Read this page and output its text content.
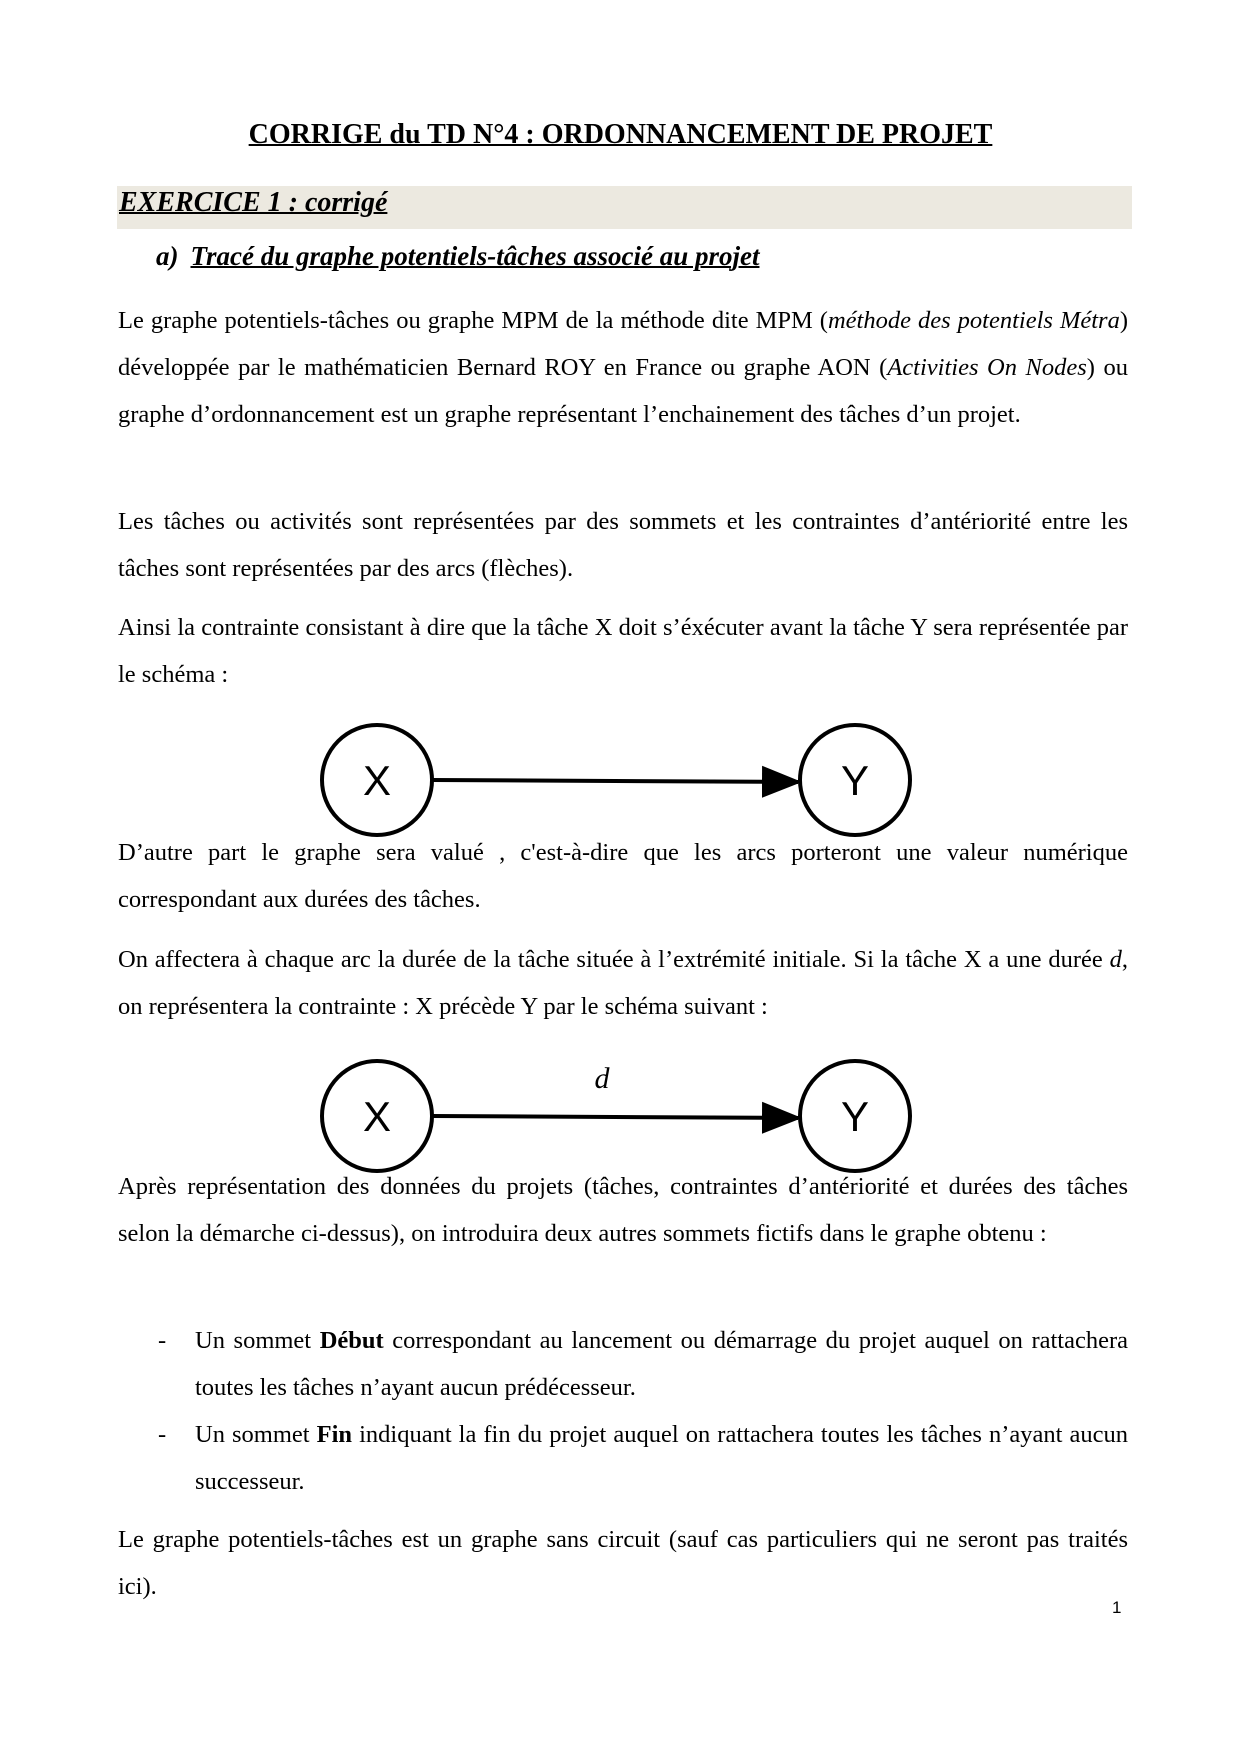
CORRIGE du TD N°4 : ORDONNANCEMENT DE PROJET
EXERCICE 1 : corrigé
a) Tracé du graphe potentiels-tâches associé au projet
Le graphe potentiels-tâches ou graphe MPM de la méthode dite MPM (méthode des potentiels Métra) développée par le mathématicien Bernard ROY en France ou graphe AON (Activities On Nodes) ou graphe d’ordonnancement est un graphe représentant l’enchainement des tâches d’un projet.
Les tâches ou activités sont représentées par des sommets et les contraintes d’antériorité entre les tâches sont représentées par des arcs (flèches).
Ainsi la contrainte consistant à dire que la tâche X doit s’éxécuter avant la tâche Y sera représentée par le schéma :
X	Y
D’autre part le graphe sera valué , c'est-à-dire que les arcs porteront une valeur numérique correspondant aux durées des tâches.
On affectera à chaque arc la durée de la tâche située à l’extrémité initiale. Si la tâche X a une durée d, on représentera la contrainte : X précède Y par le schéma suivant :
X	Y
d
Après représentation des données du projets (tâches, contraintes d’antériorité et durées des tâches selon la démarche ci-dessus), on introduira deux autres sommets fictifs dans le graphe obtenu :
- Un sommet Début correspondant au lancement ou démarrage du projet auquel on rattachera toutes les tâches n’ayant aucun prédécesseur.
- Un sommet Fin indiquant la fin du projet auquel on rattachera toutes les tâches n’ayant aucun successeur.
Le graphe potentiels-tâches est un graphe sans circuit (sauf cas particuliers qui ne seront pas traités ici).
1
